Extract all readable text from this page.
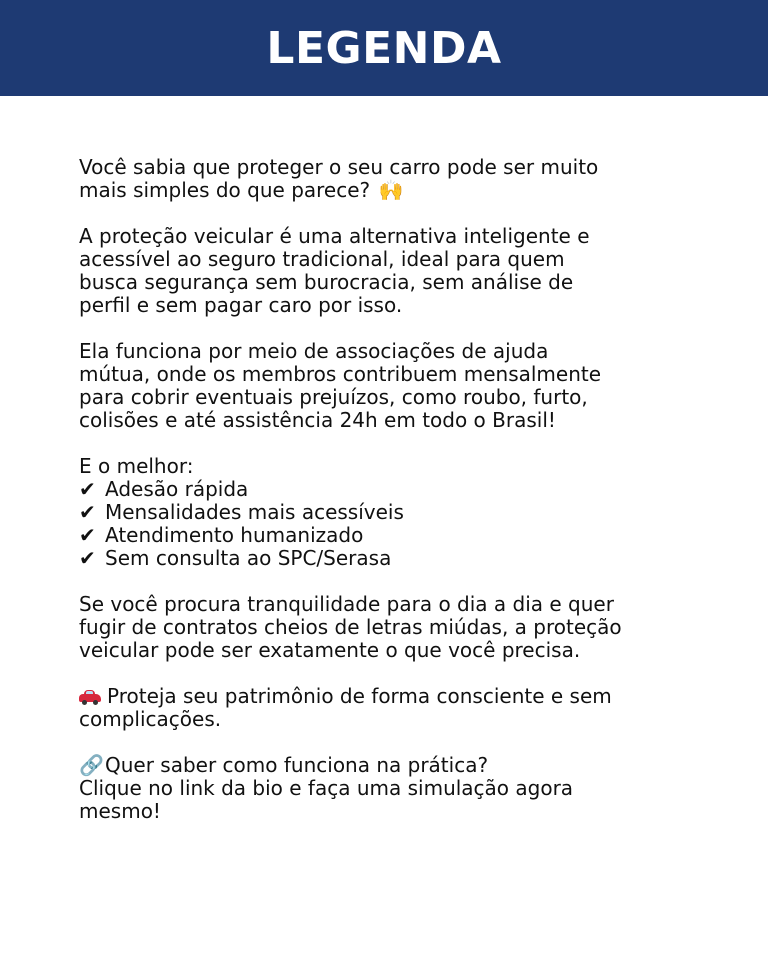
LEGENDA

Você sabia que proteger o seu carro pode ser muito
mais simples do que parece? 🙌

A proteção veicular é uma alternativa inteligente e
acessível ao seguro tradicional, ideal para quem
busca segurança sem burocracia, sem análise de
perfil e sem pagar caro por isso.

Ela funciona por meio de associações de ajuda
mútua, onde os membros contribuem mensalmente
para cobrir eventuais prejuízos, como roubo, furto,
colisões e até assistência 24h em todo o Brasil!

E o melhor:
✔ Adesão rápida
✔ Mensalidades mais acessíveis
✔ Atendimento humanizado
✔ Sem consulta ao SPC/Serasa

Se você procura tranquilidade para o dia a dia e quer
fugir de contratos cheios de letras miúdas, a proteção
veicular pode ser exatamente o que você precisa.

Proteja seu patrimônio de forma consciente e sem
complicações.

🔗Quer saber como funciona na prática?
Clique no link da bio e faça uma simulação agora
mesmo!
